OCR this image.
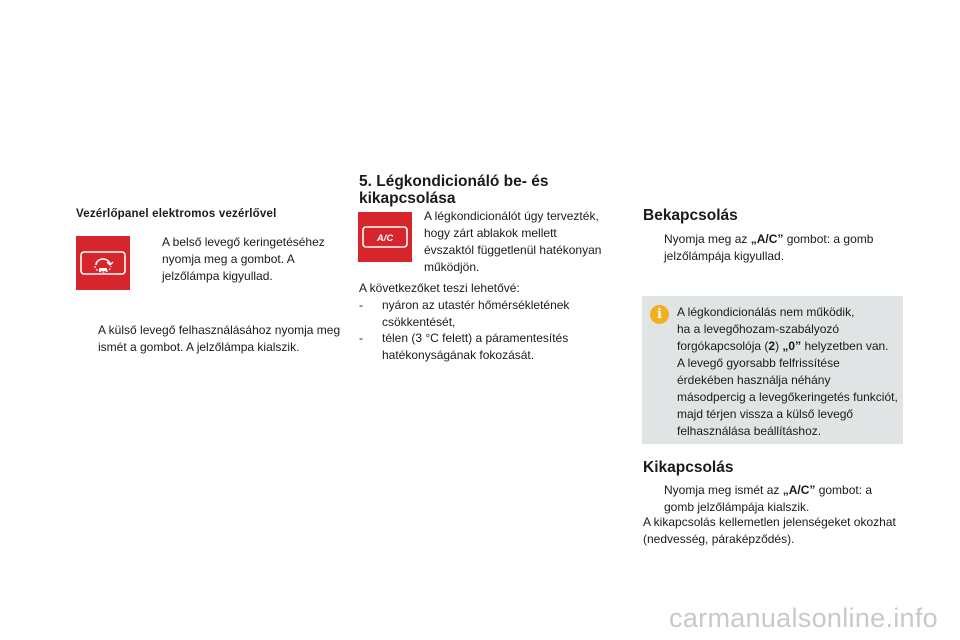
Vezérlőpanel elektromos vezérlővel
A belső levegő keringetéséhez nyomja meg a gombot. A jelzőlámpa kigyullad.
A külső levegő felhasználásához nyomja meg ismét a gombot. A jelzőlámpa kialszik.
5. Légkondicionáló be- és kikapcsolása
A/C
A légkondicionálót úgy tervezték, hogy zárt ablakok mellett évszaktól függetlenül hatékonyan működjön.
A következőket teszi lehetővé:
-	nyáron az utastér hőmérsékletének csökkentését,
-	télen (3 °C felett) a páramentesítés hatékonyságának fokozását.
Bekapcsolás
Nyomja meg az „A/C” gombot: a gomb jelzőlámpája kigyullad.
i	A légkondicionálás nem működik,
ha a levegőhozam-szabályozó forgókapcsolója (2) „0” helyzetben van.
A levegő gyorsabb felfrissítése érdekében használja néhány másodpercig a levegőkeringetés funkciót, majd térjen vissza a külső levegő felhasználása beállításhoz.
Kikapcsolás
Nyomja meg ismét az „A/C” gombot: a gomb jelzőlámpája kialszik.
A kikapcsolás kellemetlen jelenségeket okozhat (nedvesség, páraképződés).
carmanualsonline.info
